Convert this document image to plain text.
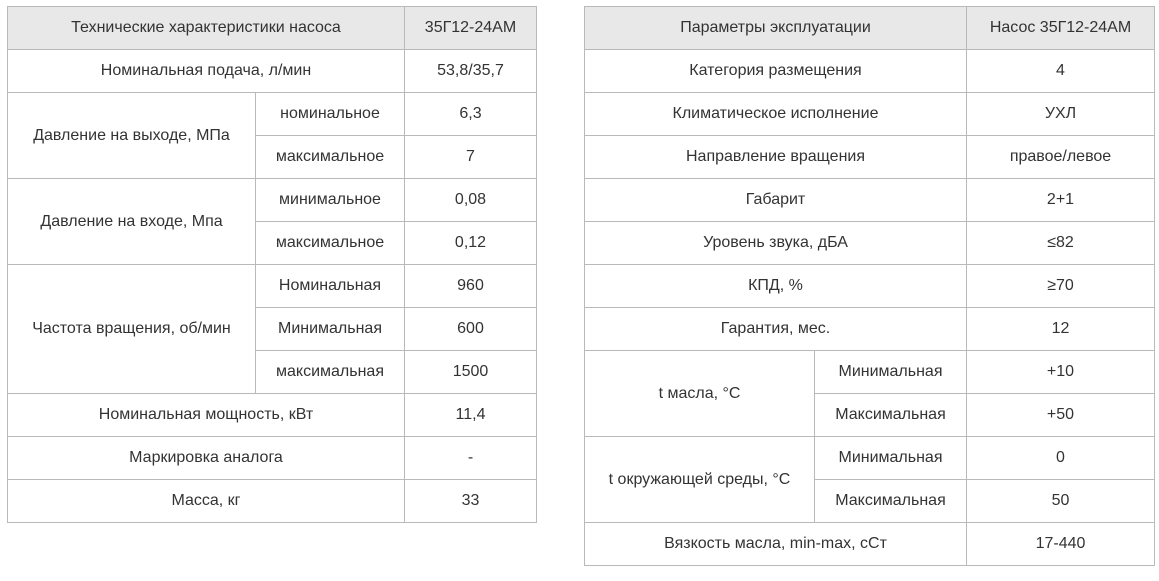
Технические характеристики насоса		35Г12-24АМ
Номинальная подача, л/мин		53,8/35,7
Давление на выходе, МПа	номинальное	6,3
	максимальное	7
Давление на входе, Мпа	минимальное	0,08
	максимальное	0,12
Частота вращения, об/мин	Номинальная	960
	Минимальная	600
	максимальная	1500
Номинальная мощность, кВт		11,4
Маркировка аналога		-
Масса, кг		33
Параметры эксплуатации		Насос 35Г12-24АМ
Категория размещения		4
Климатическое исполнение		УХЛ
Направление вращения		правое/левое
Габарит		2+1
Уровень звука, дБА		≤82
КПД, %		≥70
Гарантия, мес.		12
t масла, °C	Минимальная	+10
	Максимальная	+50
t окружающей среды, °C	Минимальная	0
	Максимальная	50
Вязкость масла, min-max, сСт		17-440
